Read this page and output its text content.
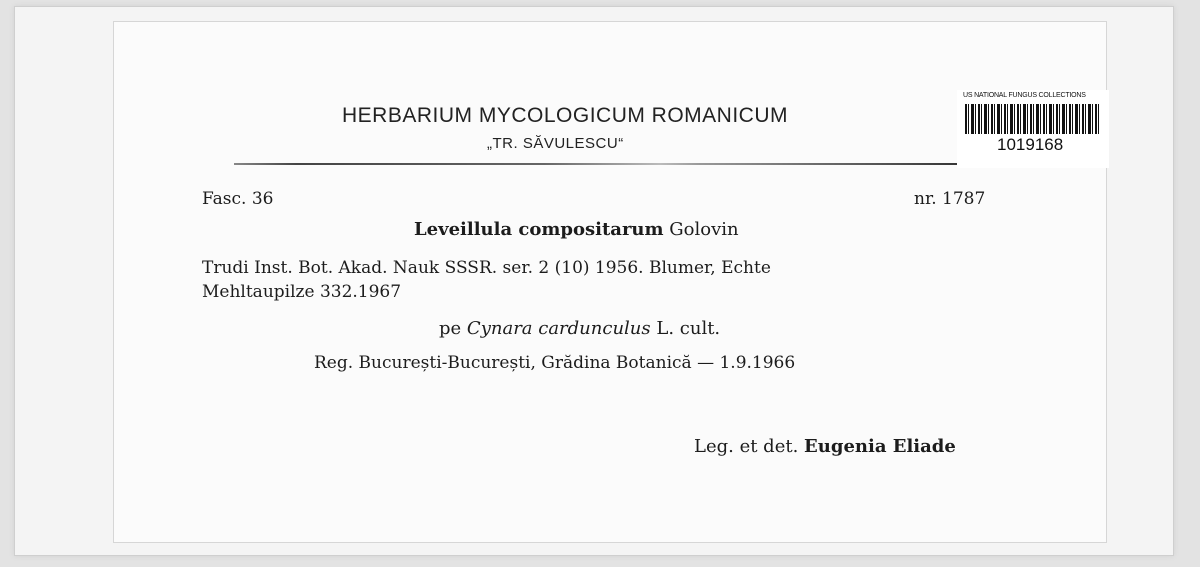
HERBARIUM MYCOLOGICUM ROMANICUM
„TR. SĂVULESCU“
US NATIONAL FUNGUS COLLECTIONS
1019168
Fasc. 36	nr. 1787
Leveillula compositarum Golovin
Trudi Inst. Bot. Akad. Nauk SSSR. ser. 2 (10) 1956. Blumer, Echte
Mehltaupilze 332.1967
pe Cynara cardunculus L. cult.
Reg. București-București, Grădina Botanică — 1.9.1966
Leg. et det. Eugenia Eliade
